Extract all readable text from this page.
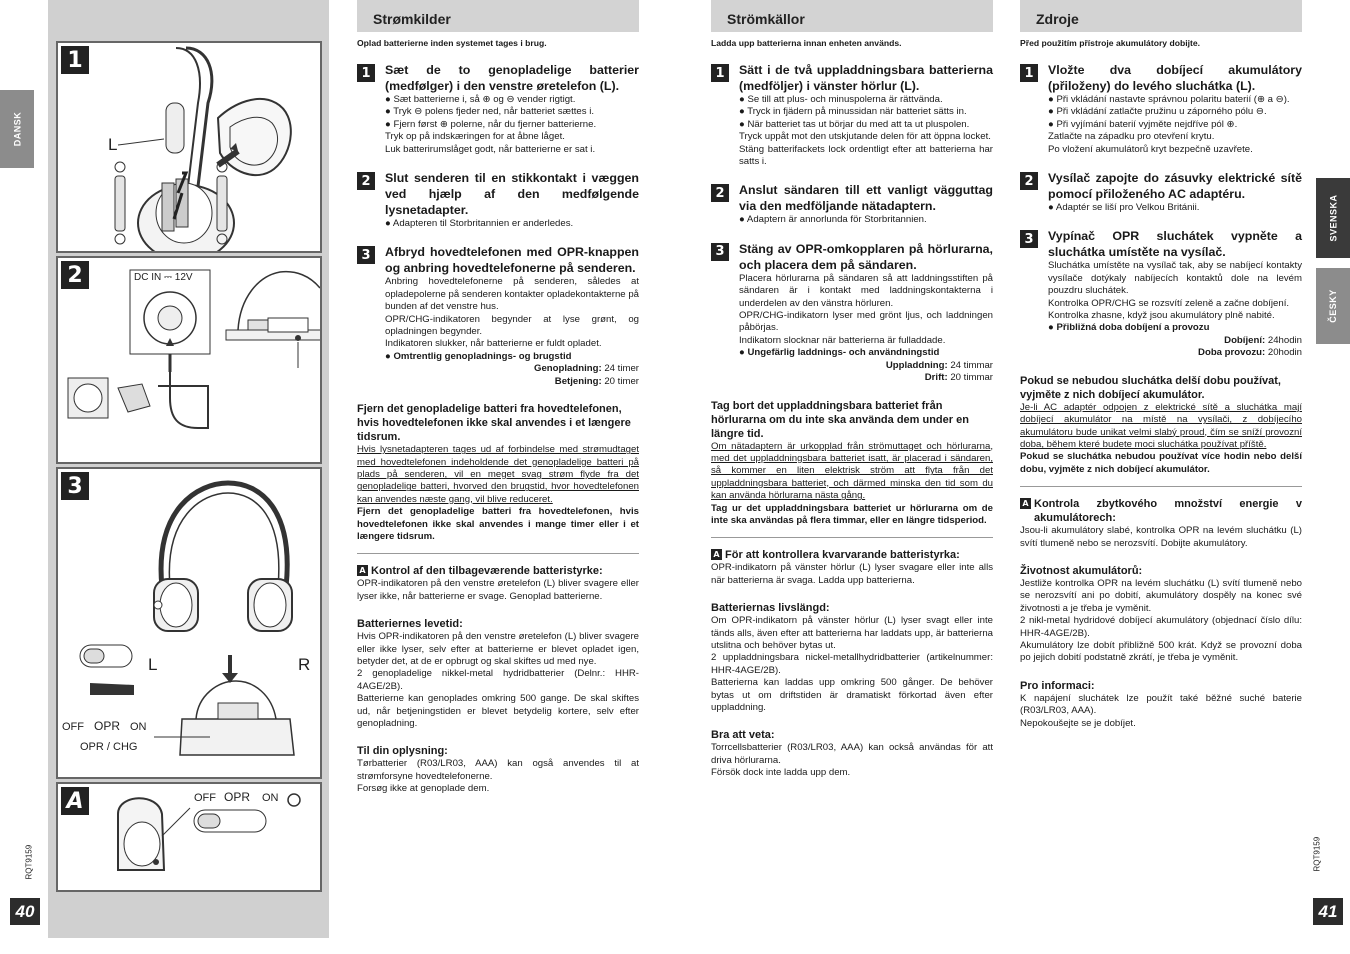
DANSK
RQT9159
40
1
L
2	DC IN ⎓ 12V
3
L	R
OFF OPR ON
OPR / CHG
A	OFF OPR ON
Strømkilder
Oplad batterierne inden systemet tages i brug.
1	Sæt de to genopladelige batterier (medfølger) i den venstre øretelefon (L).
● Sæt batterierne i, så ⊕ og ⊖ vender rigtigt.
● Tryk ⊖ polens fjeder ned, når batteriet sættes i.
● Fjern først ⊕ polerne, når du fjerner batterierne.
Tryk op på indskæringen for at åbne låget.
Luk batterirumslåget godt, når batterierne er sat i.
2	Slut senderen til en stikkontakt i væggen ved hjælp af den medfølgende lysnetadapter.
● Adapteren til Storbritannien er anderledes.
3	Afbryd hovedtelefonen med OPR-knappen og anbring hovedtelefonerne på senderen.
Anbring hovedtelefonerne på senderen, således at opladepolerne på senderen kontakter opladekontakterne på bunden af det venstre hus.
OPR/CHG-indikatoren begynder at lyse grønt, og opladningen begynder.
Indikatoren slukker, når batterierne er fuldt opladet.
● Omtrentlig genopladnings- og brugstid
Genopladning: 24 timer
Betjening: 20 timer
Fjern det genopladelige batteri fra hovedtelefonen, hvis hovedtelefonen ikke skal anvendes i et længere tidsrum.
Hvis lysnetadapteren tages ud af forbindelse med strømudtaget med hovedtelefonen indeholdende det genopladelige batteri på plads på senderen, vil en meget svag strøm flyde fra det genopladelige batteri, hvorved den brugstid, hvor hovedtelefonen kan anvendes næste gang, vil blive reduceret.
Fjern det genopladelige batteri fra hovedtelefonen, hvis hovedtelefonen ikke skal anvendes i mange timer eller i et længere tidsrum.
A Kontrol af den tilbageværende batteristyrke:
OPR-indikatoren på den venstre øretelefon (L) bliver svagere eller lyser ikke, når batterierne er svage. Genoplad batterierne.
Batteriernes levetid:
Hvis OPR-indikatoren på den venstre øretelefon (L) bliver svagere eller ikke lyser, selv efter at batterierne er blevet opladet igen, betyder det, at de er opbrugt og skal skiftes ud med nye.
2 genopladelige nikkel-metal hydridbatterier (Delnr.: HHR-4AGE/2B).
Batterierne kan genoplades omkring 500 gange. De skal skiftes ud, når betjeningstiden er blevet betydelig kortere, selv efter genopladning.
Til din oplysning:
Tørbatterier (R03/LR03, AAA) kan også anvendes til at strømforsyne hovedtelefonerne.
Forsøg ikke at genoplade dem.
Strömkällor
Ladda upp batterierna innan enheten används.
1	Sätt i de två uppladdningsbara batterierna (medföljer) i vänster hörlur (L).
● Se till att plus- och minuspolerna är rättvända.
● Tryck in fjädern på minussidan när batteriet sätts in.
● När batteriet tas ut börjar du med att ta ut pluspolen.
Tryck uppåt mot den utskjutande delen för att öppna locket.
Stäng batterifackets lock ordentligt efter att batterierna har satts i.
2	Anslut sändaren till ett vanligt vägguttag via den medföljande nätadaptern.
● Adaptern är annorlunda för Storbritannien.
3	Stäng av OPR-omkopplaren på hörlurarna, och placera dem på sändaren.
Placera hörlurarna på sändaren så att laddningsstiften på sändaren är i kontakt med laddningskontakterna i underdelen av den vänstra hörluren.
OPR/CHG-indikatorn lyser med grönt ljus, och laddningen påbörjas.
Indikatorn slocknar när batterierna är fulladdade.
● Ungefärlig laddnings- och användningstid
Uppladdning: 24 timmar
Drift: 20 timmar
Tag bort det uppladdningsbara batteriet från hörlurarna om du inte ska använda dem under en längre tid.
Om nätadaptern är urkopplad från strömuttaget och hörlurarna, med det uppladdningsbara batteriet isatt, är placerad i sändaren, så kommer en liten elektrisk ström att flyta från det uppladdningsbara batteriet, och därmed minska den tid som du kan använda hörlurarna nästa gång.
Tag ur det uppladdningsbara batteriet ur hörlurarna om de inte ska användas på flera timmar, eller en längre tidsperiod.
A För att kontrollera kvarvarande batteristyrka:
OPR-indikatorn på vänster hörlur (L) lyser svagare eller inte alls när batterierna är svaga. Ladda upp batterierna.
Batteriernas livslängd:
Om OPR-indikatorn på vänster hörlur (L) lyser svagt eller inte tänds alls, även efter att batterierna har laddats upp, är batterierna utslitna och behöver bytas ut.
2 uppladdningsbara nickel-metallhydridbatterier (artikelnummer: HHR-4AGE/2B).
Batterierna kan laddas upp omkring 500 gånger. De behöver bytas ut om driftstiden är dramatiskt förkortad även efter uppladdning.
Bra att veta:
Torrcellsbatterier (R03/LR03, AAA) kan också användas för att driva hörlurarna.
Försök dock inte ladda upp dem.
Zdroje
Před použitím přístroje akumulátory dobijte.
1	Vložte dva dobíjecí akumulátory (přiloženy) do levého sluchátka (L).
● Při vkládání nastavte správnou polaritu baterií (⊕ a ⊖).
● Při vkládání zatlačte pružinu u záporného pólu ⊖.
● Při vyjímání baterií vyjměte nejdříve pól ⊕.
Zatlačte na západku pro otevření krytu.
Po vložení akumulátorů kryt bezpečně uzavřete.
2	Vysílač zapojte do zásuvky elektrické sítě pomocí přiloženého AC adaptéru.
● Adaptér se liší pro Velkou Británii.
3	Vypínač OPR sluchátek vypněte a sluchátka umístěte na vysílač.
Sluchátka umístěte na vysílač tak, aby se nabíjecí kontakty vysílače dotýkaly nabíjecích kontaktů dole na levém pouzdru sluchátek.
Kontrolka OPR/CHG se rozsvítí zeleně a začne dobíjení.
Kontrolka zhasne, když jsou akumulátory plně nabité.
● Přibližná doba dobíjení a provozu
Dobíjení: 24hodin
Doba provozu: 20hodin
Pokud se nebudou sluchátka delší dobu používat, vyjměte z nich dobíjecí akumulátor.
Je-li AC adaptér odpojen z elektrické sítě a sluchátka mají dobíjecí akumulátor na místě na vysílači, z dobíjecího akumulátoru bude unikat velmi slabý proud, čím se sníží provozní doba, během které budete moci sluchátka používat příště.
Pokud se sluchátka nebudou používat více hodin nebo delší dobu, vyjměte z nich dobíjecí akumulátor.
A Kontrola zbytkového množství energie v akumulátorech:
Jsou-li akumulátory slabé, kontrolka OPR na levém sluchátku (L) svítí tlumeně nebo se nerozsvítí. Dobijte akumulátory.
Životnost akumulátorů:
Jestliže kontrolka OPR na levém sluchátku (L) svítí tlumeně nebo se nerozsvítí ani po dobití, akumulátory dospěly na konec své životnosti a je třeba je vyměnit.
2 nikl-metal hydridové dobíjecí akumulátory (objednací číslo dílu: HHR-4AGE/2B).
Akumulátory lze dobít přibližně 500 krát. Když se provozní doba po jejich dobití podstatně zkrátí, je třeba je vyměnit.
Pro informaci:
K napájení sluchátek lze použít také běžné suché baterie (R03/LR03, AAA).
Nepokoušejte se je dobíjet.
SVENSKA
ČESKY
RQT9159
41
